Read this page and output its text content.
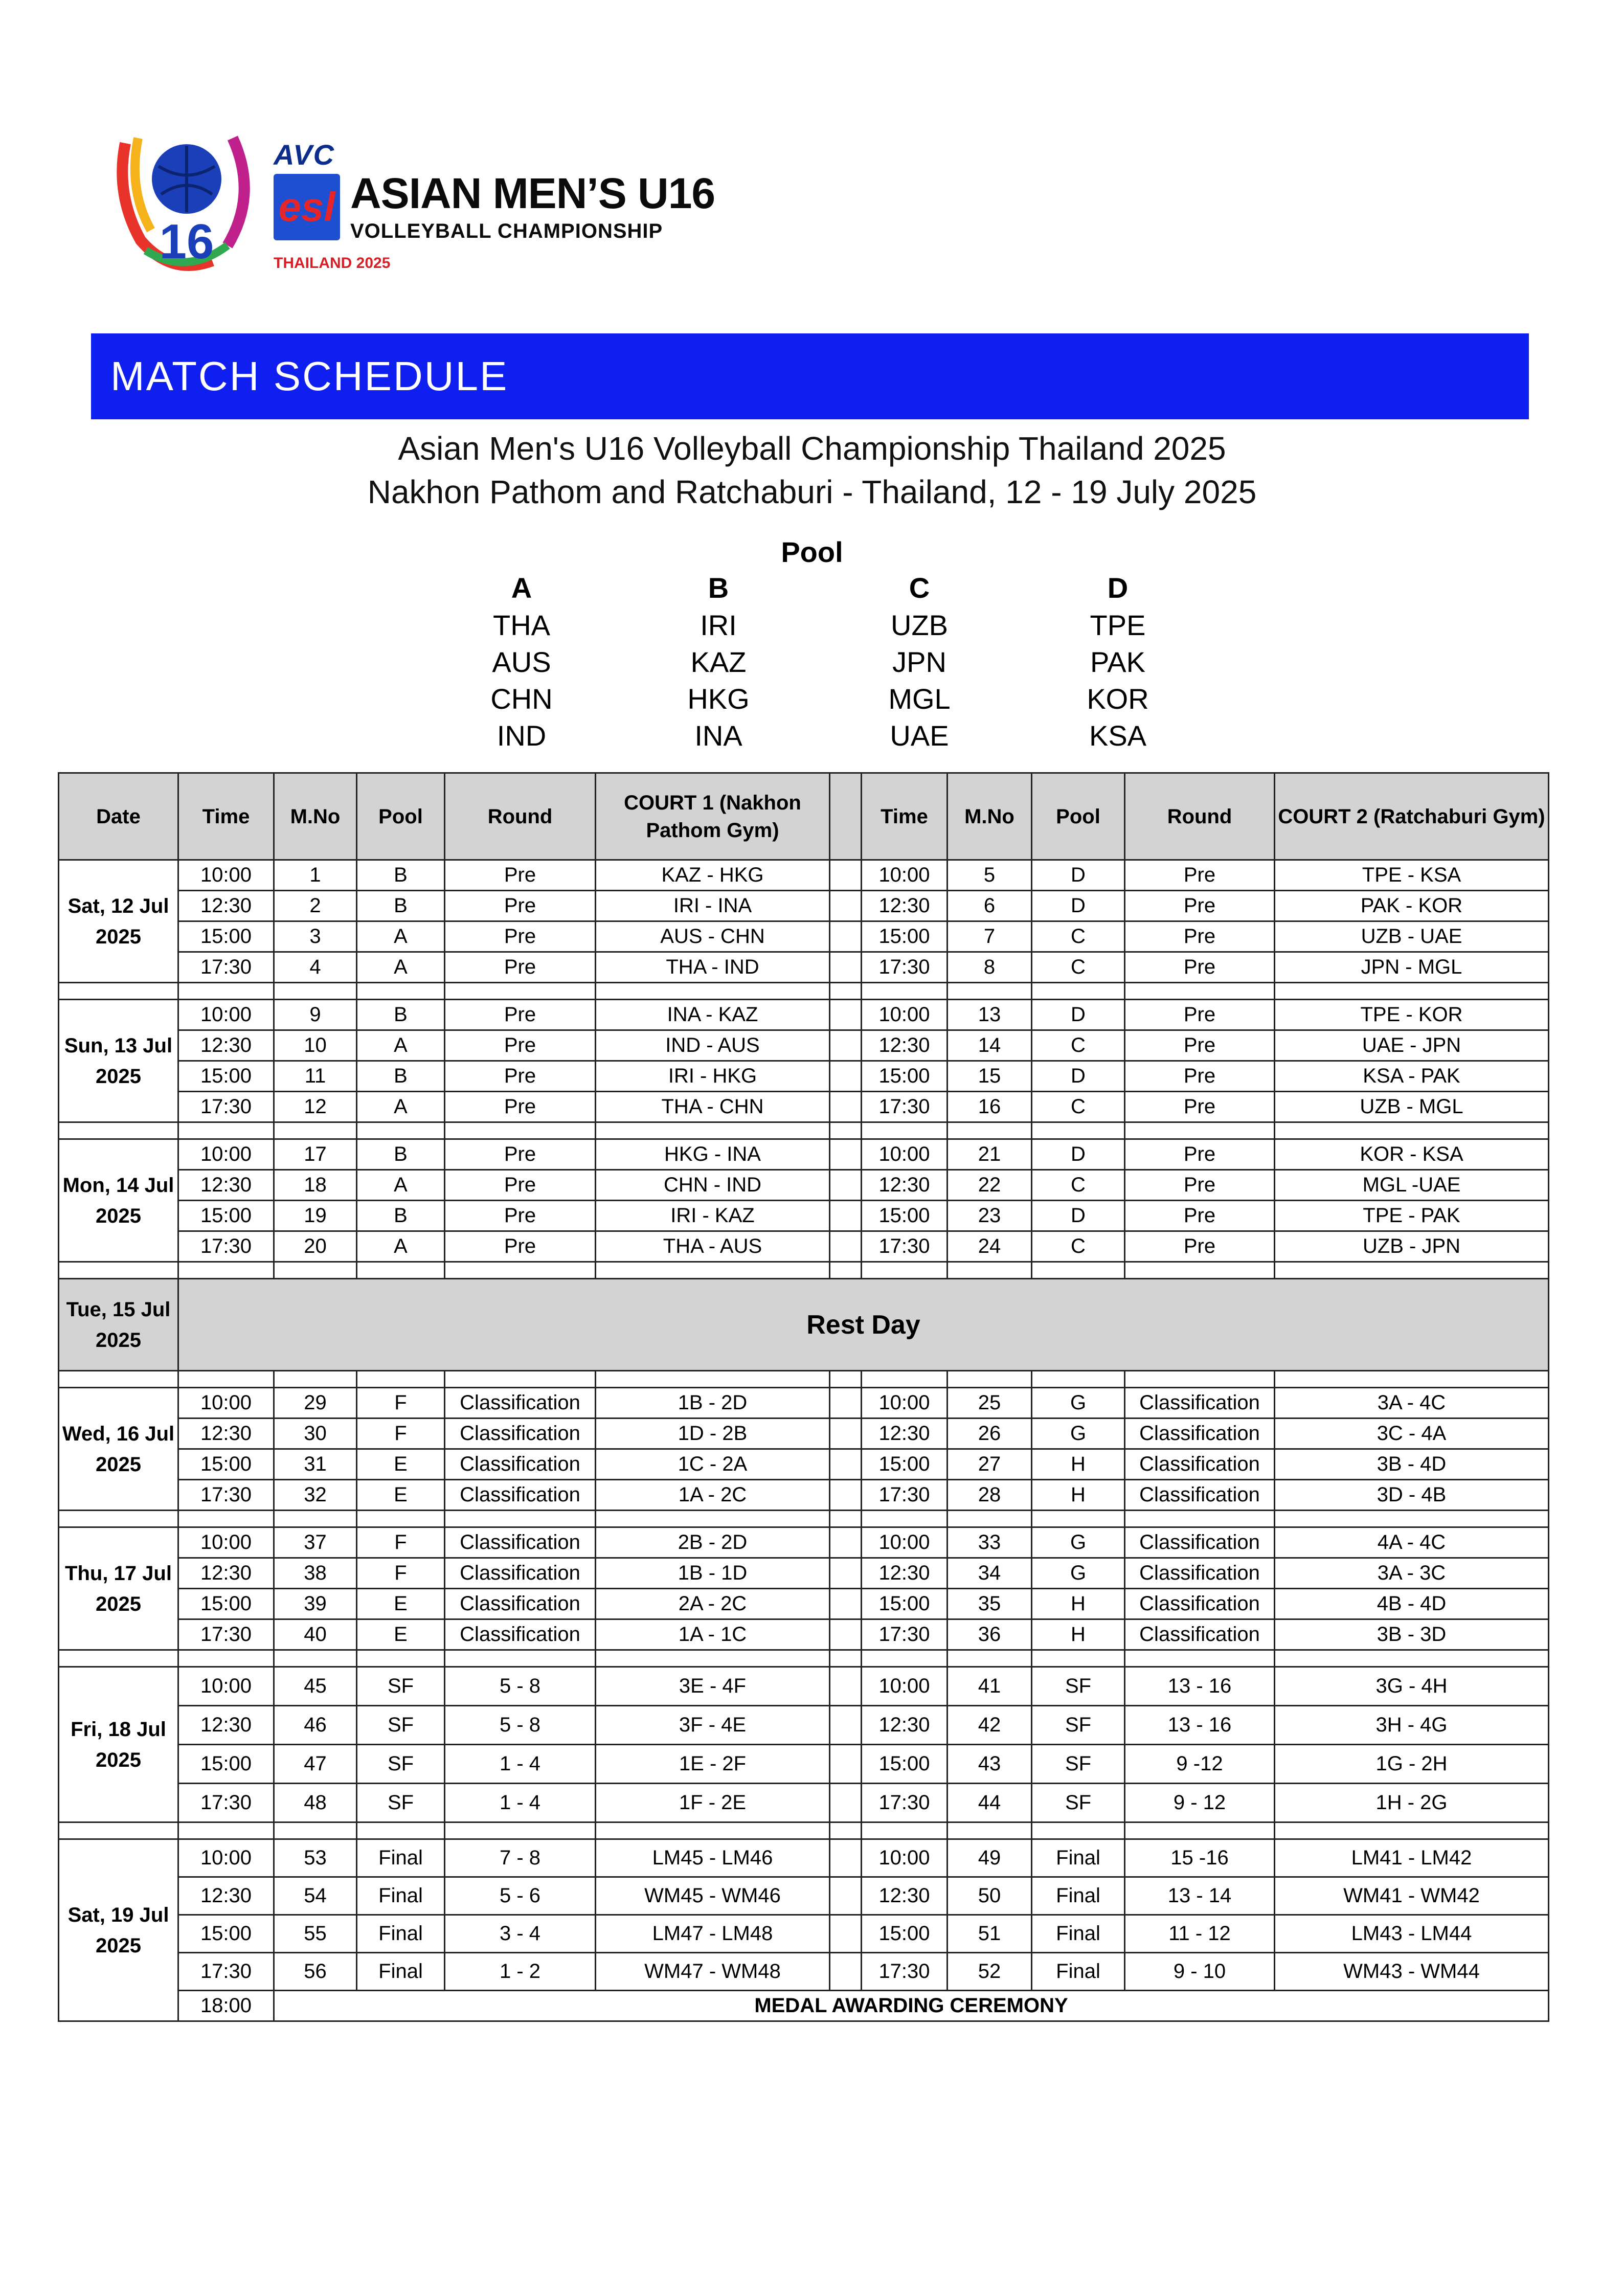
16
AVC
esl ASIAN MEN’S U16
VOLLEYBALL CHAMPIONSHIP
THAILAND 2025
MATCH SCHEDULE
Asian Men's U16 Volleyball Championship Thailand 2025
Nakhon Pathom and Ratchaburi - Thailand, 12 - 19 July 2025
Pool
A
THA
AUS
CHN
IND
B
IRI
KAZ
HKG
INA
C
UZB
JPN
MGL
UAE
D
TPE
PAK
KOR
KSA
Date	Time	M.No	Pool	Round	COURT 1 (Nakhon Pathom Gym)		Time	M.No	Pool	Round	COURT 2 (Ratchaburi Gym)
Sat, 12 Jul 2025	10:00	1	B	Pre	KAZ - HKG		10:00	5	D	Pre	TPE - KSA
	12:30	2	B	Pre	IRI - INA		12:30	6	D	Pre	PAK - KOR
	15:00	3	A	Pre	AUS - CHN		15:00	7	C	Pre	UZB - UAE
	17:30	4	A	Pre	THA - IND		17:30	8	C	Pre	JPN - MGL

Sun, 13 Jul 2025	10:00	9	B	Pre	INA - KAZ		10:00	13	D	Pre	TPE - KOR
	12:30	10	A	Pre	IND - AUS		12:30	14	C	Pre	UAE - JPN
	15:00	11	B	Pre	IRI - HKG		15:00	15	D	Pre	KSA - PAK
	17:30	12	A	Pre	THA - CHN		17:30	16	C	Pre	UZB - MGL

Mon, 14 Jul 2025	10:00	17	B	Pre	HKG - INA		10:00	21	D	Pre	KOR - KSA
	12:30	18	A	Pre	CHN - IND		12:30	22	C	Pre	MGL -UAE
	15:00	19	B	Pre	IRI - KAZ		15:00	23	D	Pre	TPE - PAK
	17:30	20	A	Pre	THA - AUS		17:30	24	C	Pre	UZB - JPN

Tue, 15 Jul 2025	Rest Day										

Wed, 16 Jul 2025	10:00	29	F	Classification	1B - 2D		10:00	25	G	Classification	3A - 4C
	12:30	30	F	Classification	1D - 2B		12:30	26	G	Classification	3C - 4A
	15:00	31	E	Classification	1C - 2A		15:00	27	H	Classification	3B - 4D
	17:30	32	E	Classification	1A - 2C		17:30	28	H	Classification	3D - 4B

Thu, 17 Jul 2025	10:00	37	F	Classification	2B - 2D		10:00	33	G	Classification	4A - 4C
	12:30	38	F	Classification	1B - 1D		12:30	34	G	Classification	3A - 3C
	15:00	39	E	Classification	2A - 2C		15:00	35	H	Classification	4B - 4D
	17:30	40	E	Classification	1A - 1C		17:30	36	H	Classification	3B - 3D

Fri, 18 Jul 2025	10:00	45	SF	5 - 8	3E - 4F		10:00	41	SF	13 - 16	3G - 4H
	12:30	46	SF	5 - 8	3F - 4E		12:30	42	SF	13 - 16	3H - 4G
	15:00	47	SF	1 - 4	1E - 2F		15:00	43	SF	9 -12	1G - 2H
	17:30	48	SF	1 - 4	1F - 2E		17:30	44	SF	9 - 12	1H - 2G

Sat, 19 Jul 2025	10:00	53	Final	7 - 8	LM45 - LM46		10:00	49	Final	15 -16	LM41 - LM42
	12:30	54	Final	5 - 6	WM45 - WM46		12:30	50	Final	13 - 14	WM41 - WM42
	15:00	55	Final	3 - 4	LM47 - LM48		15:00	51	Final	11 - 12	LM43 - LM44
	17:30	56	Final	1 - 2	WM47 - WM48		17:30	52	Final	9 - 10	WM43 - WM44
	18:00	MEDAL AWARDING CEREMONY									
